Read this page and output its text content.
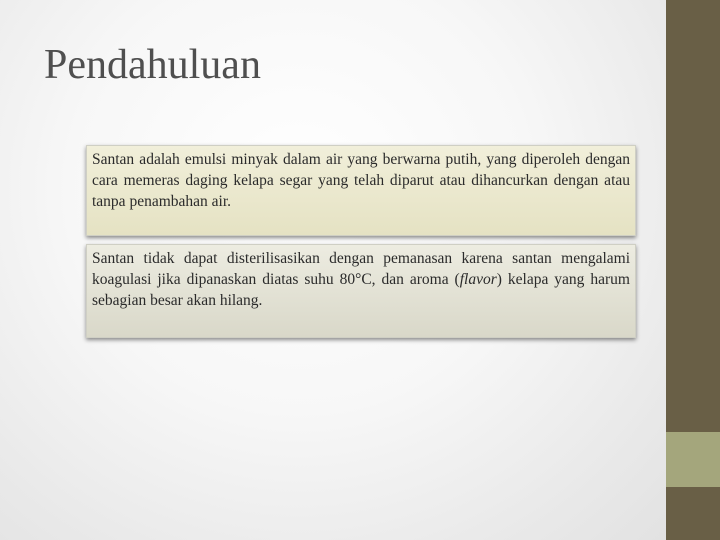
Pendahuluan

Santan adalah emulsi minyak dalam air yang berwarna putih, yang diperoleh dengan cara memeras daging kelapa segar yang telah diparut atau dihancurkan dengan atau tanpa penambahan air.

Santan tidak dapat disterilisasikan dengan pemanasan karena santan mengalami koagulasi jika dipanaskan diatas suhu 80°C, dan aroma (flavor) kelapa yang harum sebagian besar akan hilang.
